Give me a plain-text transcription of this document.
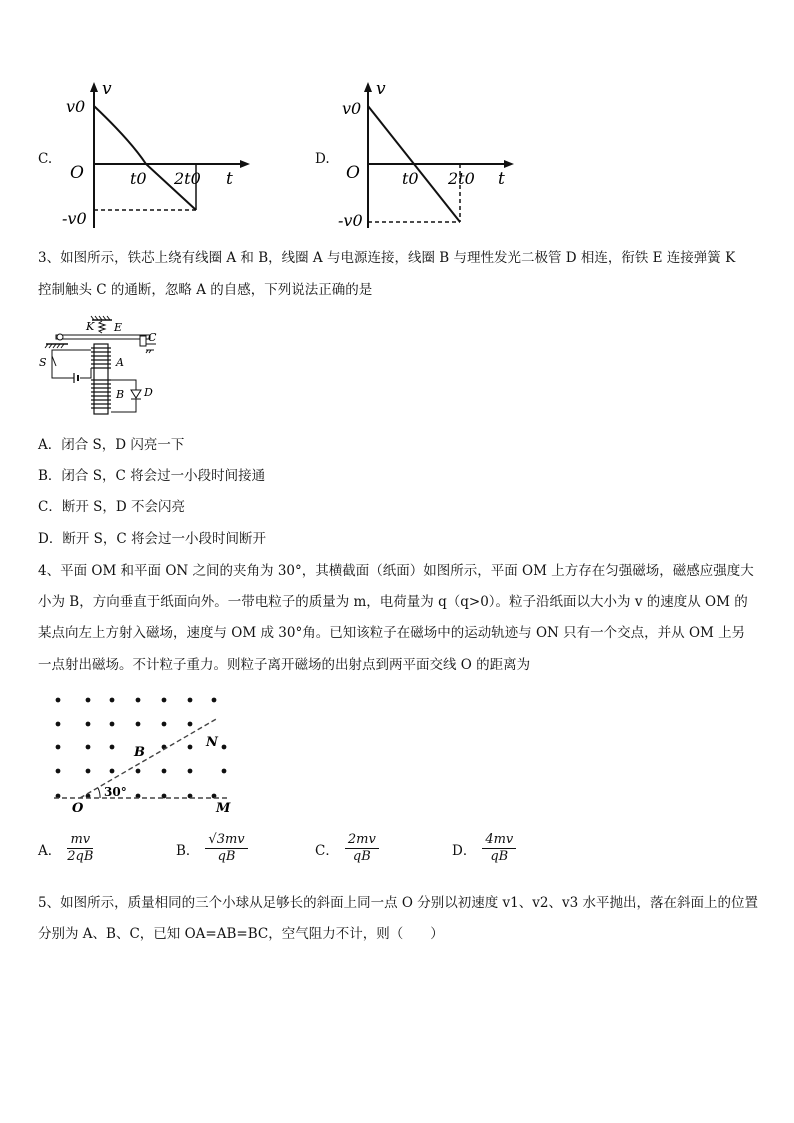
C.
v
t
v0
O	t0 2t0
-v0
D.
v
t
v0
O	t0 2t0
-v0
3、如图所示，铁芯上绕有线圈 A 和 B，线圈 A 与电源连接，线圈 B 与理性发光二极管 D 相连，衔铁 E 连接弹簧 K
控制触头 C 的通断，忽略 A 的自感，下列说法正确的是
K E
C
S	A
B D
A．闭合 S，D 闪亮一下
B．闭合 S，C 将会过一小段时间接通
C．断开 S，D 不会闪亮
D．断开 S，C 将会过一小段时间断开
4、平面 OM 和平面 ON 之间的夹角为 30°，其横截面（纸面）如图所示，平面 OM 上方存在匀强磁场，磁感应强度大
小为 B，方向垂直于纸面向外。一带电粒子的质量为 m，电荷量为 q（q>0）。粒子沿纸面以大小为 v 的速度从 OM 的
某点向左上方射入磁场，速度与 OM 成 30°角。已知该粒子在磁场中的运动轨迹与 ON 只有一个交点，并从 OM 上另
一点射出磁场。不计粒子重力。则粒子离开磁场的出射点到两平面交线 O 的距离为
B
N
O	M
30°
A． $\frac{mv}{2qB}$	B． $\frac{√3mv}{qB}$	C． $\frac{2mv}{qB}$	D． $\frac{4mv}{qB}$
5、如图所示，质量相同的三个小球从足够长的斜面上同一点 O 分别以初速度 v1、v2、v3 水平抛出，落在斜面上的位置
分别为 A、B、C，已知 OA=AB=BC，空气阻力不计，则（　　）
